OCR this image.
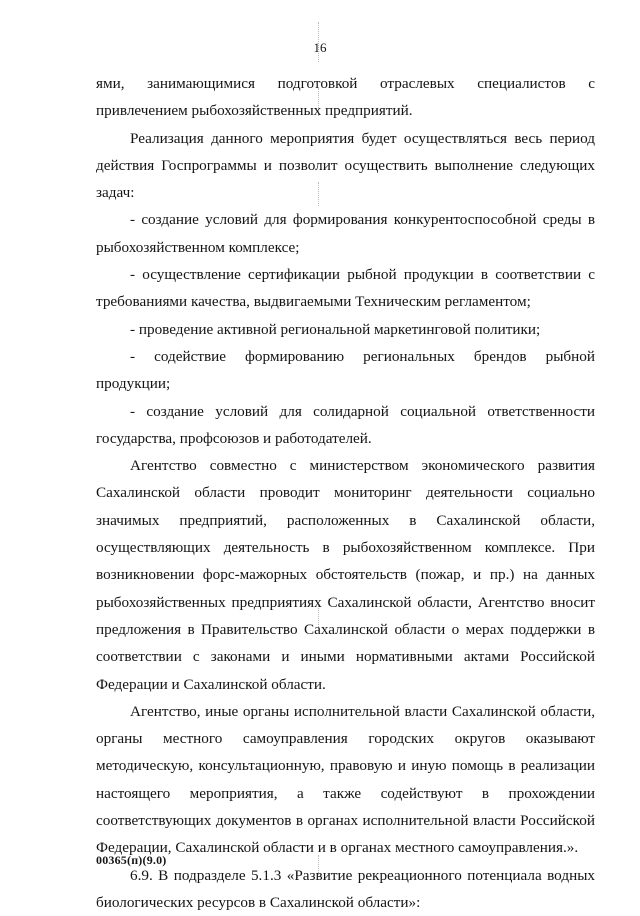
16

ями, занимающимися подготовкой отраслевых специалистов с привлечением рыбохозяйственных предприятий.

Реализация данного мероприятия будет осуществляться весь период действия Госпрограммы и позволит осуществить выполнение следующих задач:

- создание условий для формирования конкурентоспособной среды в рыбохозяйственном комплексе;

- осуществление сертификации рыбной продукции в соответствии с требованиями качества, выдвигаемыми Техническим регламентом;

- проведение активной региональной маркетинговой политики;

- содействие формированию региональных брендов рыбной продукции;

- создание условий для солидарной социальной ответственности государства, профсоюзов и работодателей.

Агентство совместно с министерством экономического развития Сахалинской области проводит мониторинг деятельности социально значимых предприятий, расположенных в Сахалинской области, осуществляющих деятельность в рыбохозяйственном комплексе. При возникновении форс-мажорных обстоятельств (пожар, и пр.) на данных рыбохозяйственных предприятиях Сахалинской области, Агентство вносит предложения в Правительство Сахалинской области о мерах поддержки в соответствии с законами и иными нормативными актами Российской Федерации и Сахалинской области.

Агентство, иные органы исполнительной власти Сахалинской области, органы местного самоуправления городских округов оказывают методическую, консультационную, правовую и иную помощь в реализации настоящего мероприятия, а также содействуют в прохождении соответствующих документов в органах исполнительной власти Российской Федерации, Сахалинской области и в органах местного самоуправления.».

6.9. В подразделе 5.1.3 «Развитие рекреационного потенциала водных биологических ресурсов в Сахалинской области»:

00365(п)(9.0)
